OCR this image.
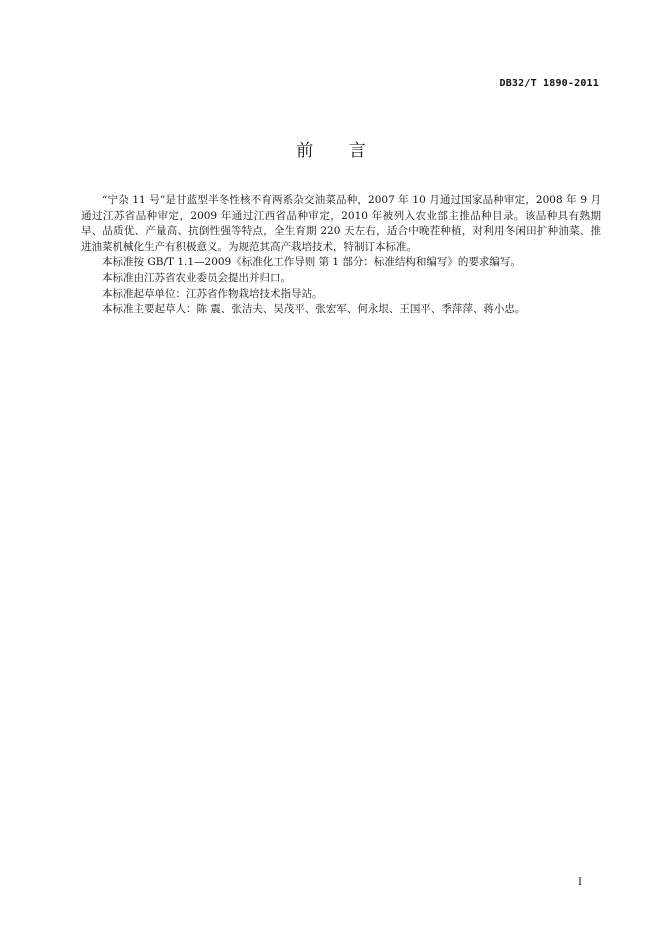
DB32/T 1890-2011
前 言

“宁杂 11 号”是甘蓝型半冬性核不育两系杂交油菜品种，2007 年 10 月通过国家品种审定，2008 年 9 月通过江苏省品种审定，2009 年通过江西省品种审定，2010 年被列入农业部主推品种目录。该品种具有熟期早、品质优、产量高、抗倒性强等特点，全生育期 220 天左右，适合中晚茬种植，对利用冬闲田扩种油菜、推进油菜机械化生产有积极意义。为规范其高产栽培技术，特制订本标准。

本标准按 GB/T 1.1—2009《标准化工作导则 第 1 部分：标准结构和编写》的要求编写。

本标准由江苏省农业委员会提出并归口。

本标准起草单位：江苏省作物栽培技术指导站。

本标准主要起草人：陈 震、张洁夫、吴茂平、张宏军、何永垠、王国平、季萍萍、蒋小忠。

I
